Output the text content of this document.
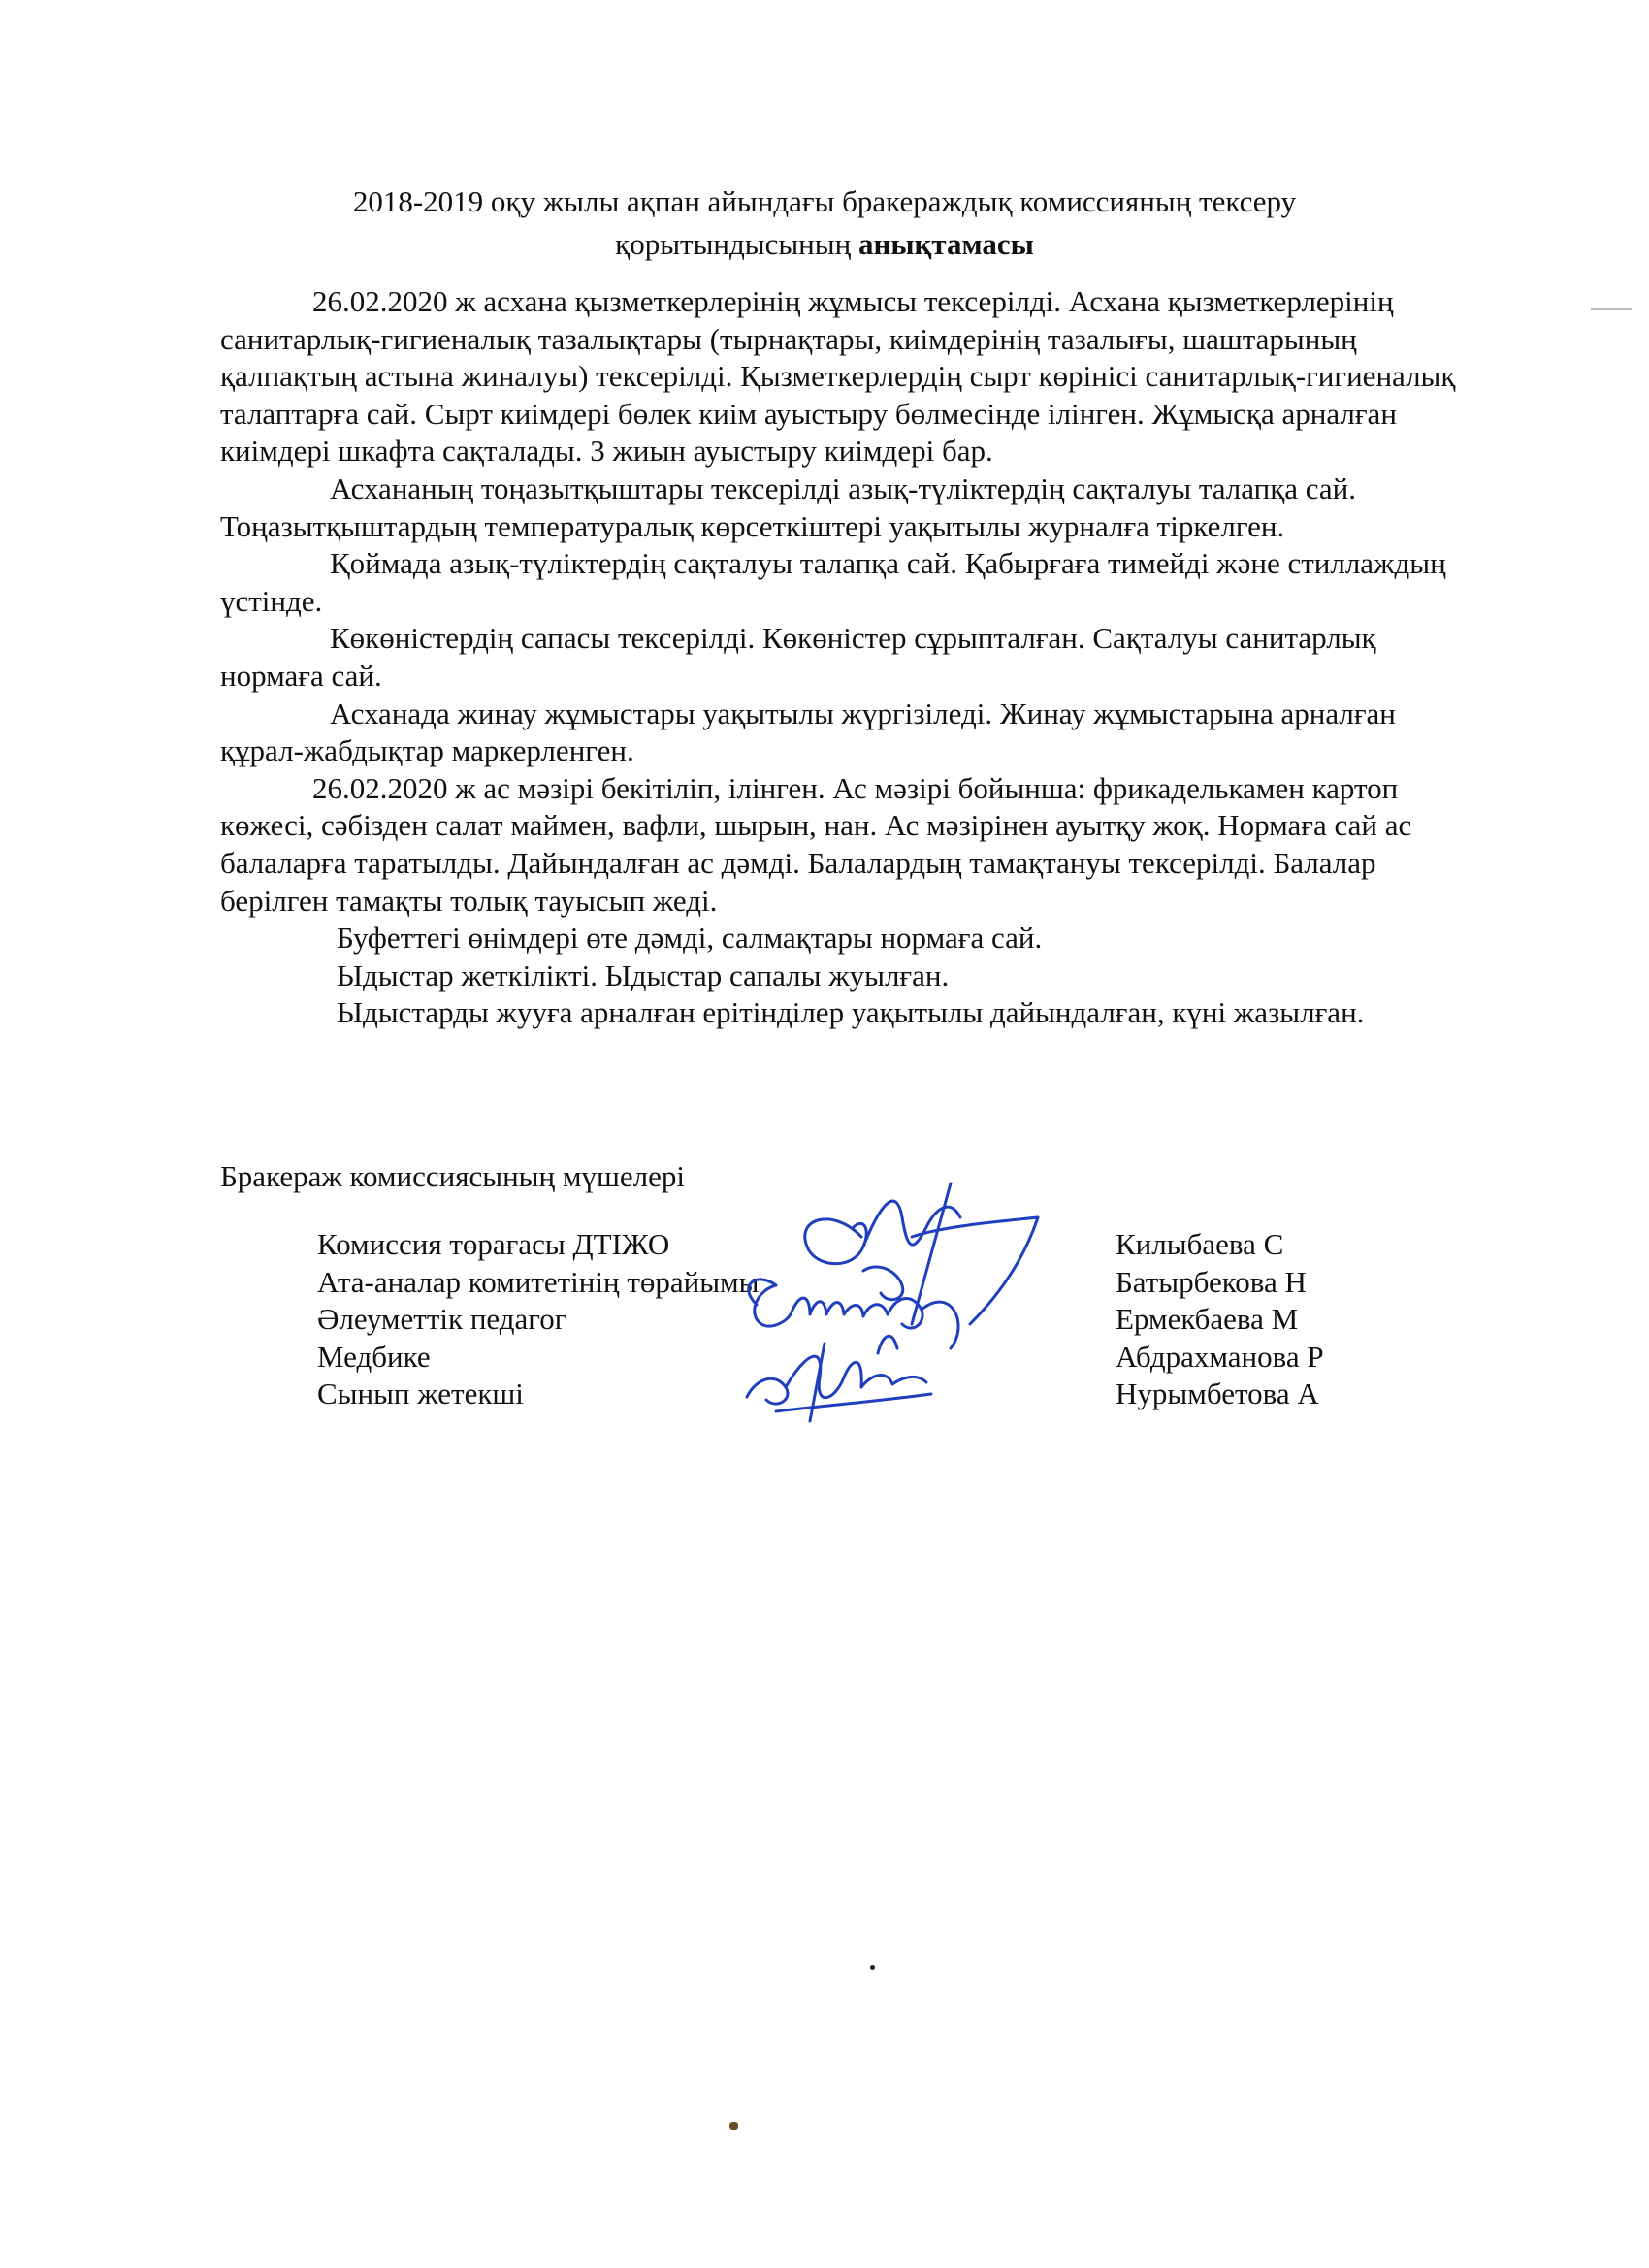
2018-2019 оқу жылы ақпан айындағы бракераждық комиссияның тексеру
қорытындысының анықтамасы

26.02.2020 ж асхана қызметкерлерінің жұмысы тексерілді. Асхана қызметкерлерінің санитарлық-гигиеналық тазалықтары (тырнақтары, киімдерінің тазалығы, шаштарының қалпақтың астына жиналуы) тексерілді. Қызметкерлердің сырт көрінісі санитарлық-гигиеналық талаптарға сай. Сырт киімдері бөлек киім ауыстыру бөлмесінде ілінген. Жұмысқа арналған киімдері шкафта сақталады. 3 жиын ауыстыру киімдері бар.

Асхананың тоңазытқыштары тексерілді азық-түліктердің сақталуы талапқа сай. Тоңазытқыштардың температуралық көрсеткіштері уақытылы журналға тіркелген.

Қоймада азық-түліктердің сақталуы талапқа сай. Қабырғаға тимейді және стиллаждың үстінде.

Көкөністердің сапасы тексерілді. Көкөністер сұрыпталған. Сақталуы санитарлық нормаға сай.

Асханада жинау жұмыстары уақытылы жүргізіледі. Жинау жұмыстарына арналған құрал-жабдықтар маркерленген.

26.02.2020 ж ас мәзірі бекітіліп, ілінген. Ас мәзірі бойынша: фрикаделькамен картоп көжесі, сәбізден салат маймен, вафли, шырын, нан. Ас мәзірінен ауытқу жоқ. Нормаға сай ас балаларға таратылды. Дайындалған ас дәмді. Балалардың тамақтануы тексерілді. Балалар берілген тамақты толық тауысып жеді.

Буфеттегі өнімдері өте дәмді, салмақтары нормаға сай.

Ыдыстар жеткілікті. Ыдыстар сапалы жуылған.

Ыдыстарды жууға арналған ерітінділер уақытылы дайындалған, күні жазылған.

Бракераж комиссиясының мүшелері
Комиссия төрағасы ДТІЖО
Ата-аналар комитетінің төрайымы
Әлеуметтік педагог
Медбике
Сынып жетекші
Килыбаева С
Батырбекова Н
Ермекбаева М
Абдрахманова Р
Нурымбетова А
